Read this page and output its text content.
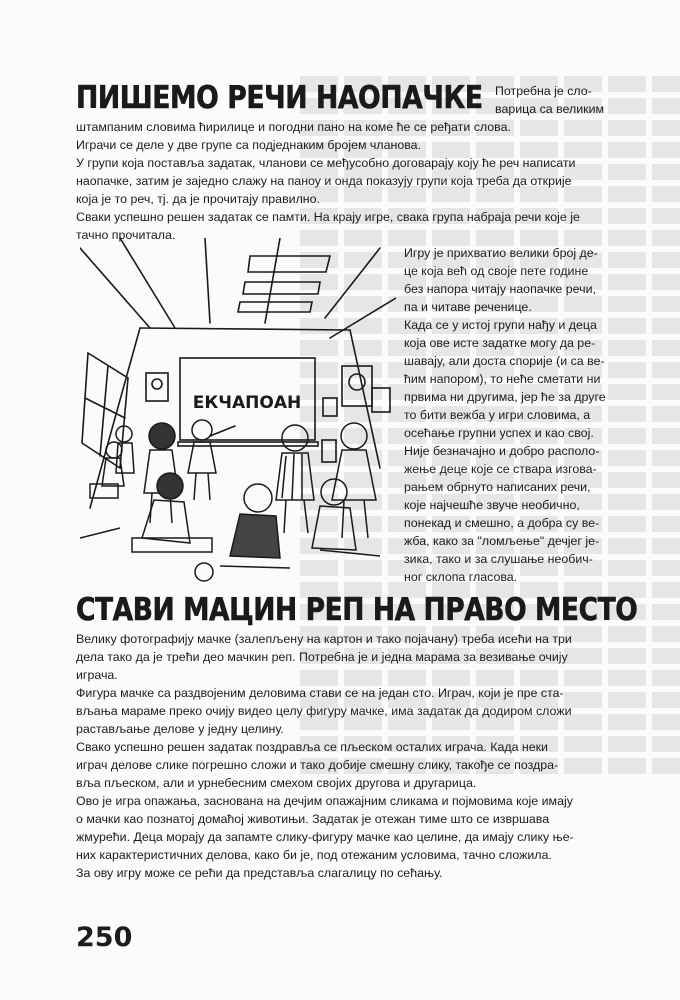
ПИШЕМО РЕЧИ НАОПАЧКЕ Потребна је сло-
варица са великим
штампаним словима ћирилице и погодни пано на коме ће се ређати слова.
Играчи се деле у две групе са подједнаким бројем чланова.
У групи која поставља задатак, чланови се међусобно договарају коју ће реч написати
наопачке, затим је заједно слажу на паноу и онда показују групи која треба да открије
која је то реч, тј. да је прочитају правилно.
Сваки успешно решен задатак се памти. На крају игре, свака група набраја речи које је
тачно прочитала.
ЕКЧАПОАН
Игру је прихватио велики број де-
це која већ од своје пете године
без напора читају наопачке речи,
па и читаве реченице.
Када се у истој групи нађу и деца
која ове исте задатке могу да ре-
шавају, али доста спорије (и са ве-
ћим напором), то неће сметати ни
првима ни другима, јер ће за друге
то бити вежба у игри словима, а
осећање групни успех и као свој.
Није безначајно и добро располо-
жење деце које се ствара изгова-
рањем обрнуто написаних речи,
које најчешће звуче необично,
понекад и смешно, а добра су ве-
жба, како за "ломљење" дечјег је-
зика, тако и за слушање необич-
ног склопа гласова.
СТАВИ МАЦИН РЕП НА ПРАВО МЕСТО
Велику фотографију мачке (залепљену на картон и тако појачану) треба исећи на три
дела тако да је трећи део мачкин реп. Потребна је и једна марама за везивање очију
играча.
Фигура мачке са раздвојеним деловима стави се на један сто. Играч, који је пре ста-
вљања мараме преко очију видео целу фигуру мачке, има задатак да додиром сложи
растављање делове у једну целину.
Свако успешно решен задатак поздравља се пљеском осталих играча. Када неки
играч делове слике погрешно сложи и тако добије смешну слику, такође се поздра-
вља пљеском, али и урнебесним смехом својих другова и другарица.
Ово је игра опажања, заснована на дечјим опажајним сликама и појмовима које имају
о мачки као познатој домаћој животињи. Задатак је отежан тиме што се извршава
жмурећи. Деца морају да запамте слику-фигуру мачке као целине, да имају слику ње-
них карактеристичних делова, како би је, под отежаним условима, тачно сложила.
За ову игру може се рећи да представља слагалицу по сећању.
250
